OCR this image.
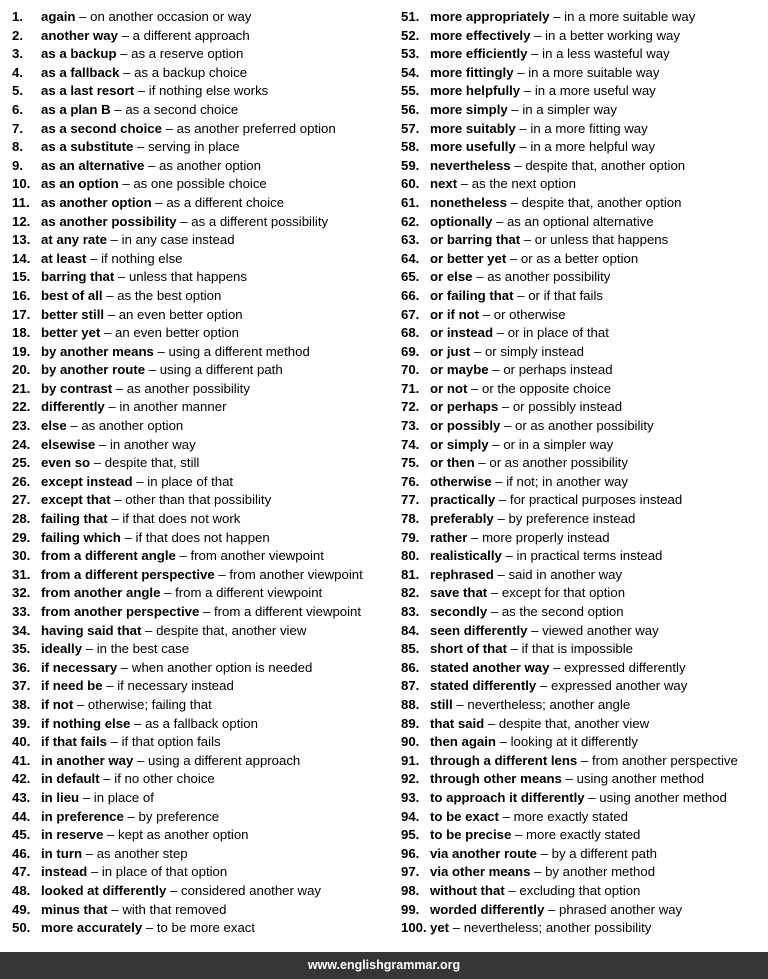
1.	again – on another occasion or way
2.	another way – a different approach
3.	as a backup – as a reserve option
4.	as a fallback – as a backup choice
5.	as a last resort – if nothing else works
6.	as a plan B – as a second choice
7.	as a second choice – as another preferred option
8.	as a substitute – serving in place
9.	as an alternative – as another option
10. as an option – as one possible choice
11. as another option – as a different choice
12. as another possibility – as a different possibility
13. at any rate – in any case instead
14. at least – if nothing else
15. barring that – unless that happens
16. best of all – as the best option
17. better still – an even better option
18. better yet – an even better option
19. by another means – using a different method
20. by another route – using a different path
21. by contrast – as another possibility
22. differently – in another manner
23. else – as another option
24. elsewise – in another way
25. even so – despite that, still
26. except instead – in place of that
27. except that – other than that possibility
28. failing that – if that does not work
29. failing which – if that does not happen
30. from a different angle – from another viewpoint
31. from a different perspective – from another viewpoint
32. from another angle – from a different viewpoint
33. from another perspective – from a different viewpoint
34. having said that – despite that, another view
35. ideally – in the best case
36. if necessary – when another option is needed
37. if need be – if necessary instead
38. if not – otherwise; failing that
39. if nothing else – as a fallback option
40. if that fails – if that option fails
41. in another way – using a different approach
42. in default – if no other choice
43. in lieu – in place of
44. in preference – by preference
45. in reserve – kept as another option
46. in turn – as another step
47. instead – in place of that option
48. looked at differently – considered another way
49. minus that – with that removed
50. more accurately – to be more exact
51. more appropriately – in a more suitable way
52. more effectively – in a better working way
53. more efficiently – in a less wasteful way
54. more fittingly – in a more suitable way
55. more helpfully – in a more useful way
56. more simply – in a simpler way
57. more suitably – in a more fitting way
58. more usefully – in a more helpful way
59. nevertheless – despite that, another option
60. next – as the next option
61. nonetheless – despite that, another option
62. optionally – as an optional alternative
63. or barring that – or unless that happens
64. or better yet – or as a better option
65. or else – as another possibility
66. or failing that – or if that fails
67. or if not – or otherwise
68. or instead – or in place of that
69. or just – or simply instead
70. or maybe – or perhaps instead
71. or not – or the opposite choice
72. or perhaps – or possibly instead
73. or possibly – or as another possibility
74. or simply – or in a simpler way
75. or then – or as another possibility
76. otherwise – if not; in another way
77. practically – for practical purposes instead
78. preferably – by preference instead
79. rather – more properly instead
80. realistically – in practical terms instead
81. rephrased – said in another way
82. save that – except for that option
83. secondly – as the second option
84. seen differently – viewed another way
85. short of that – if that is impossible
86. stated another way – expressed differently
87. stated differently – expressed another way
88. still – nevertheless; another angle
89. that said – despite that, another view
90. then again – looking at it differently
91. through a different lens – from another perspective
92. through other means – using another method
93. to approach it differently – using another method
94. to be exact – more exactly stated
95. to be precise – more exactly stated
96. via another route – by a different path
97. via other means – by another method
98. without that – excluding that option
99. worded differently – phrased another way
100. yet – nevertheless; another possibility
www.englishgrammar.org
